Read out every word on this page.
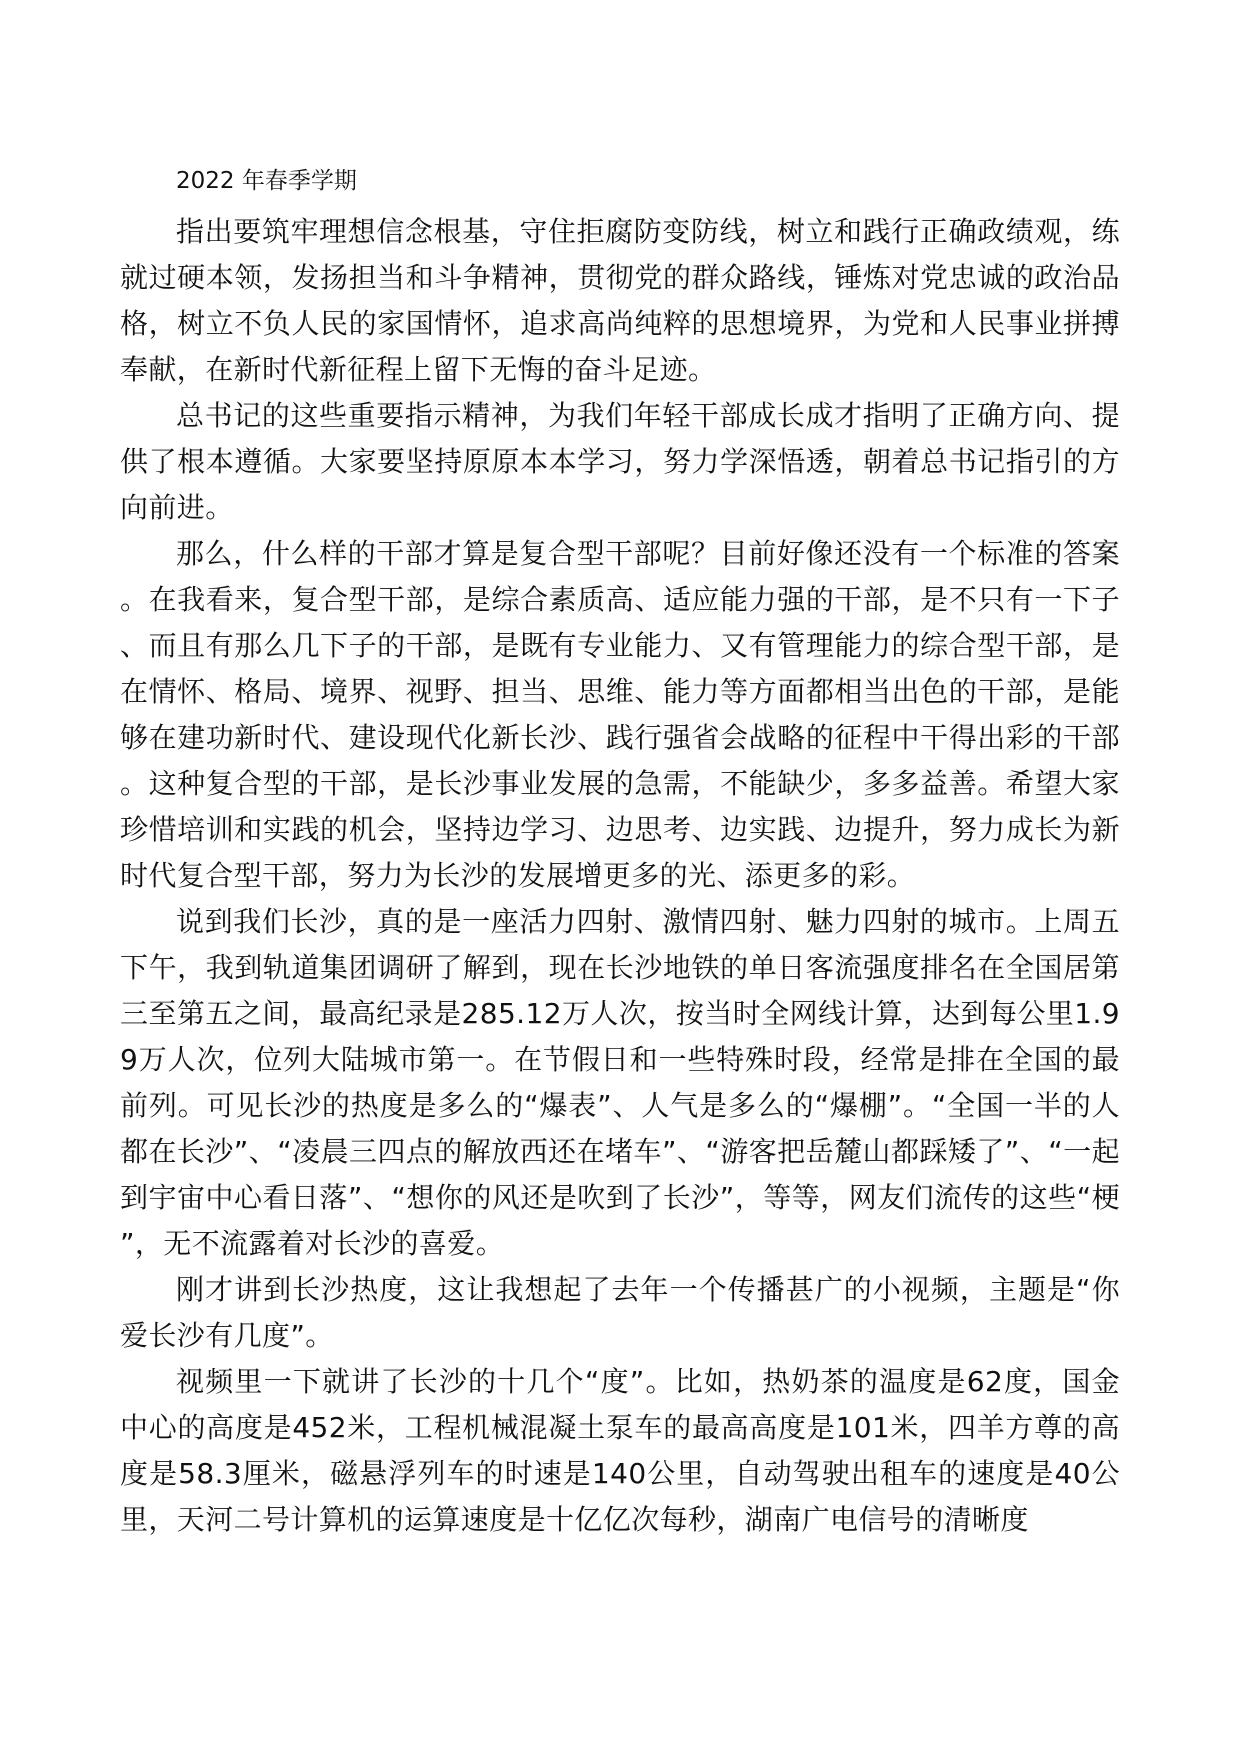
2022 年春季学期

指出要筑牢理想信念根基，守住拒腐防变防线，树立和践行正确政绩观，练就过硬本领，发扬担当和斗争精神，贯彻党的群众路线，锤炼对党忠诚的政治品格，树立不负人民的家国情怀，追求高尚纯粹的思想境界，为党和人民事业拼搏奉献，在新时代新征程上留下无悔的奋斗足迹。

总书记的这些重要指示精神，为我们年轻干部成长成才指明了正确方向、提供了根本遵循。大家要坚持原原本本学习，努力学深悟透，朝着总书记指引的方向前进。

那么，什么样的干部才算是复合型干部呢？目前好像还没有一个标准的答案。在我看来，复合型干部，是综合素质高、适应能力强的干部，是不只有一下子、而且有那么几下子的干部，是既有专业能力、又有管理能力的综合型干部，是在情怀、格局、境界、视野、担当、思维、能力等方面都相当出色的干部，是能够在建功新时代、建设现代化新长沙、践行强省会战略的征程中干得出彩的干部。这种复合型的干部，是长沙事业发展的急需，不能缺少，多多益善。希望大家珍惜培训和实践的机会，坚持边学习、边思考、边实践、边提升，努力成长为新时代复合型干部，努力为长沙的发展增更多的光、添更多的彩。

说到我们长沙，真的是一座活力四射、激情四射、魅力四射的城市。上周五下午，我到轨道集团调研了解到，现在长沙地铁的单日客流强度排名在全国居第三至第五之间，最高纪录是285.12万人次，按当时全网线计算，达到每公里1.99万人次，位列大陆城市第一。在节假日和一些特殊时段，经常是排在全国的最前列。可见长沙的热度是多么的“爆表”、人气是多么的“爆棚”。“全国一半的人都在长沙”、“凌晨三四点的解放西还在堵车”、“游客把岳麓山都踩矮了”、“一起到宇宙中心看日落”、“想你的风还是吹到了长沙”，等等，网友们流传的这些“梗”，无不流露着对长沙的喜爱。

刚才讲到长沙热度，这让我想起了去年一个传播甚广的小视频，主题是“你爱长沙有几度”。

视频里一下就讲了长沙的十几个“度”。比如，热奶茶的温度是62度，国金中心的高度是452米，工程机械混凝土泵车的最高高度是101米，四羊方尊的高度是58.3厘米，磁悬浮列车的时速是140公里，自动驾驶出租车的速度是40公里，天河二号计算机的运算速度是十亿亿次每秒，湖南广电信号的清晰度
